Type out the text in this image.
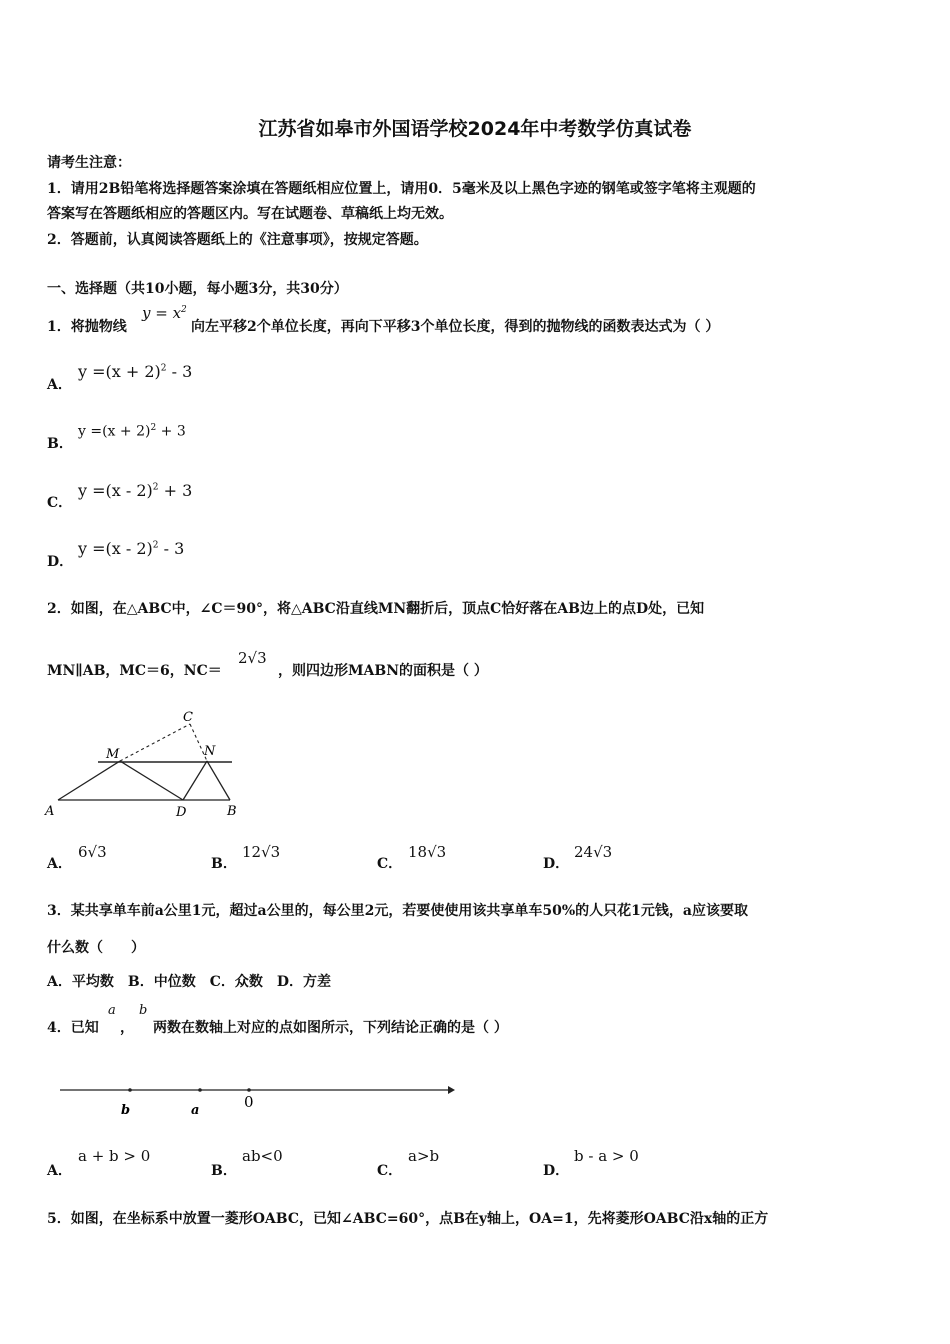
江苏省如皋市外国语学校2024年中考数学仿真试卷
请考生注意：
1．请用2B铅笔将选择题答案涂填在答题纸相应位置上，请用0．5毫米及以上黑色字迹的钢笔或签字笔将主观题的
答案写在答题纸相应的答题区内。写在试题卷、草稿纸上均无效。
2．答题前，认真阅读答题纸上的《注意事项》，按规定答题。
一、选择题（共10小题，每小题3分，共30分）
1．将抛物线
$y = x^2$
向左平移2个单位长度，再向下平移3个单位长度，得到的抛物线的函数表达式为（ ）
A．
$y =(x + 2)^2 - 3$
B．
$y =(x + 2)^2 + 3$
C．
y =(x - 2)$^2$ + 3
D．
y =(x - 2)$^2$ - 3
2．如图，在△ABC中，∠C＝90°，将△ABC沿直线MN翻折后，顶点C恰好落在AB边上的点D处，已知
MN∥AB，MC＝6，NC＝
2√3
，则四边形MABN的面积是（ ）
C
N
M
A	D	B
A．
6√3
B．
12√3
C．
18√3
D．
24√3
3．某共享单车前a公里1元，超过a公里的，每公里2元，若要使使用该共享单车50%的人只花1元钱，a应该要取
什么数（　　）
A．平均数　B．中位数　C．众数　D．方差
4．已知
a
，
b
两数在数轴上对应的点如图所示，下列结论正确的是（ ）
b	a	0
A．
a + b > 0
B．
ab<0
C．
a>b
D．
b - a > 0
5．如图，在坐标系中放置一菱形OABC，已知∠ABC=60°，点B在y轴上，OA=1，先将菱形OABC沿x轴的正方
